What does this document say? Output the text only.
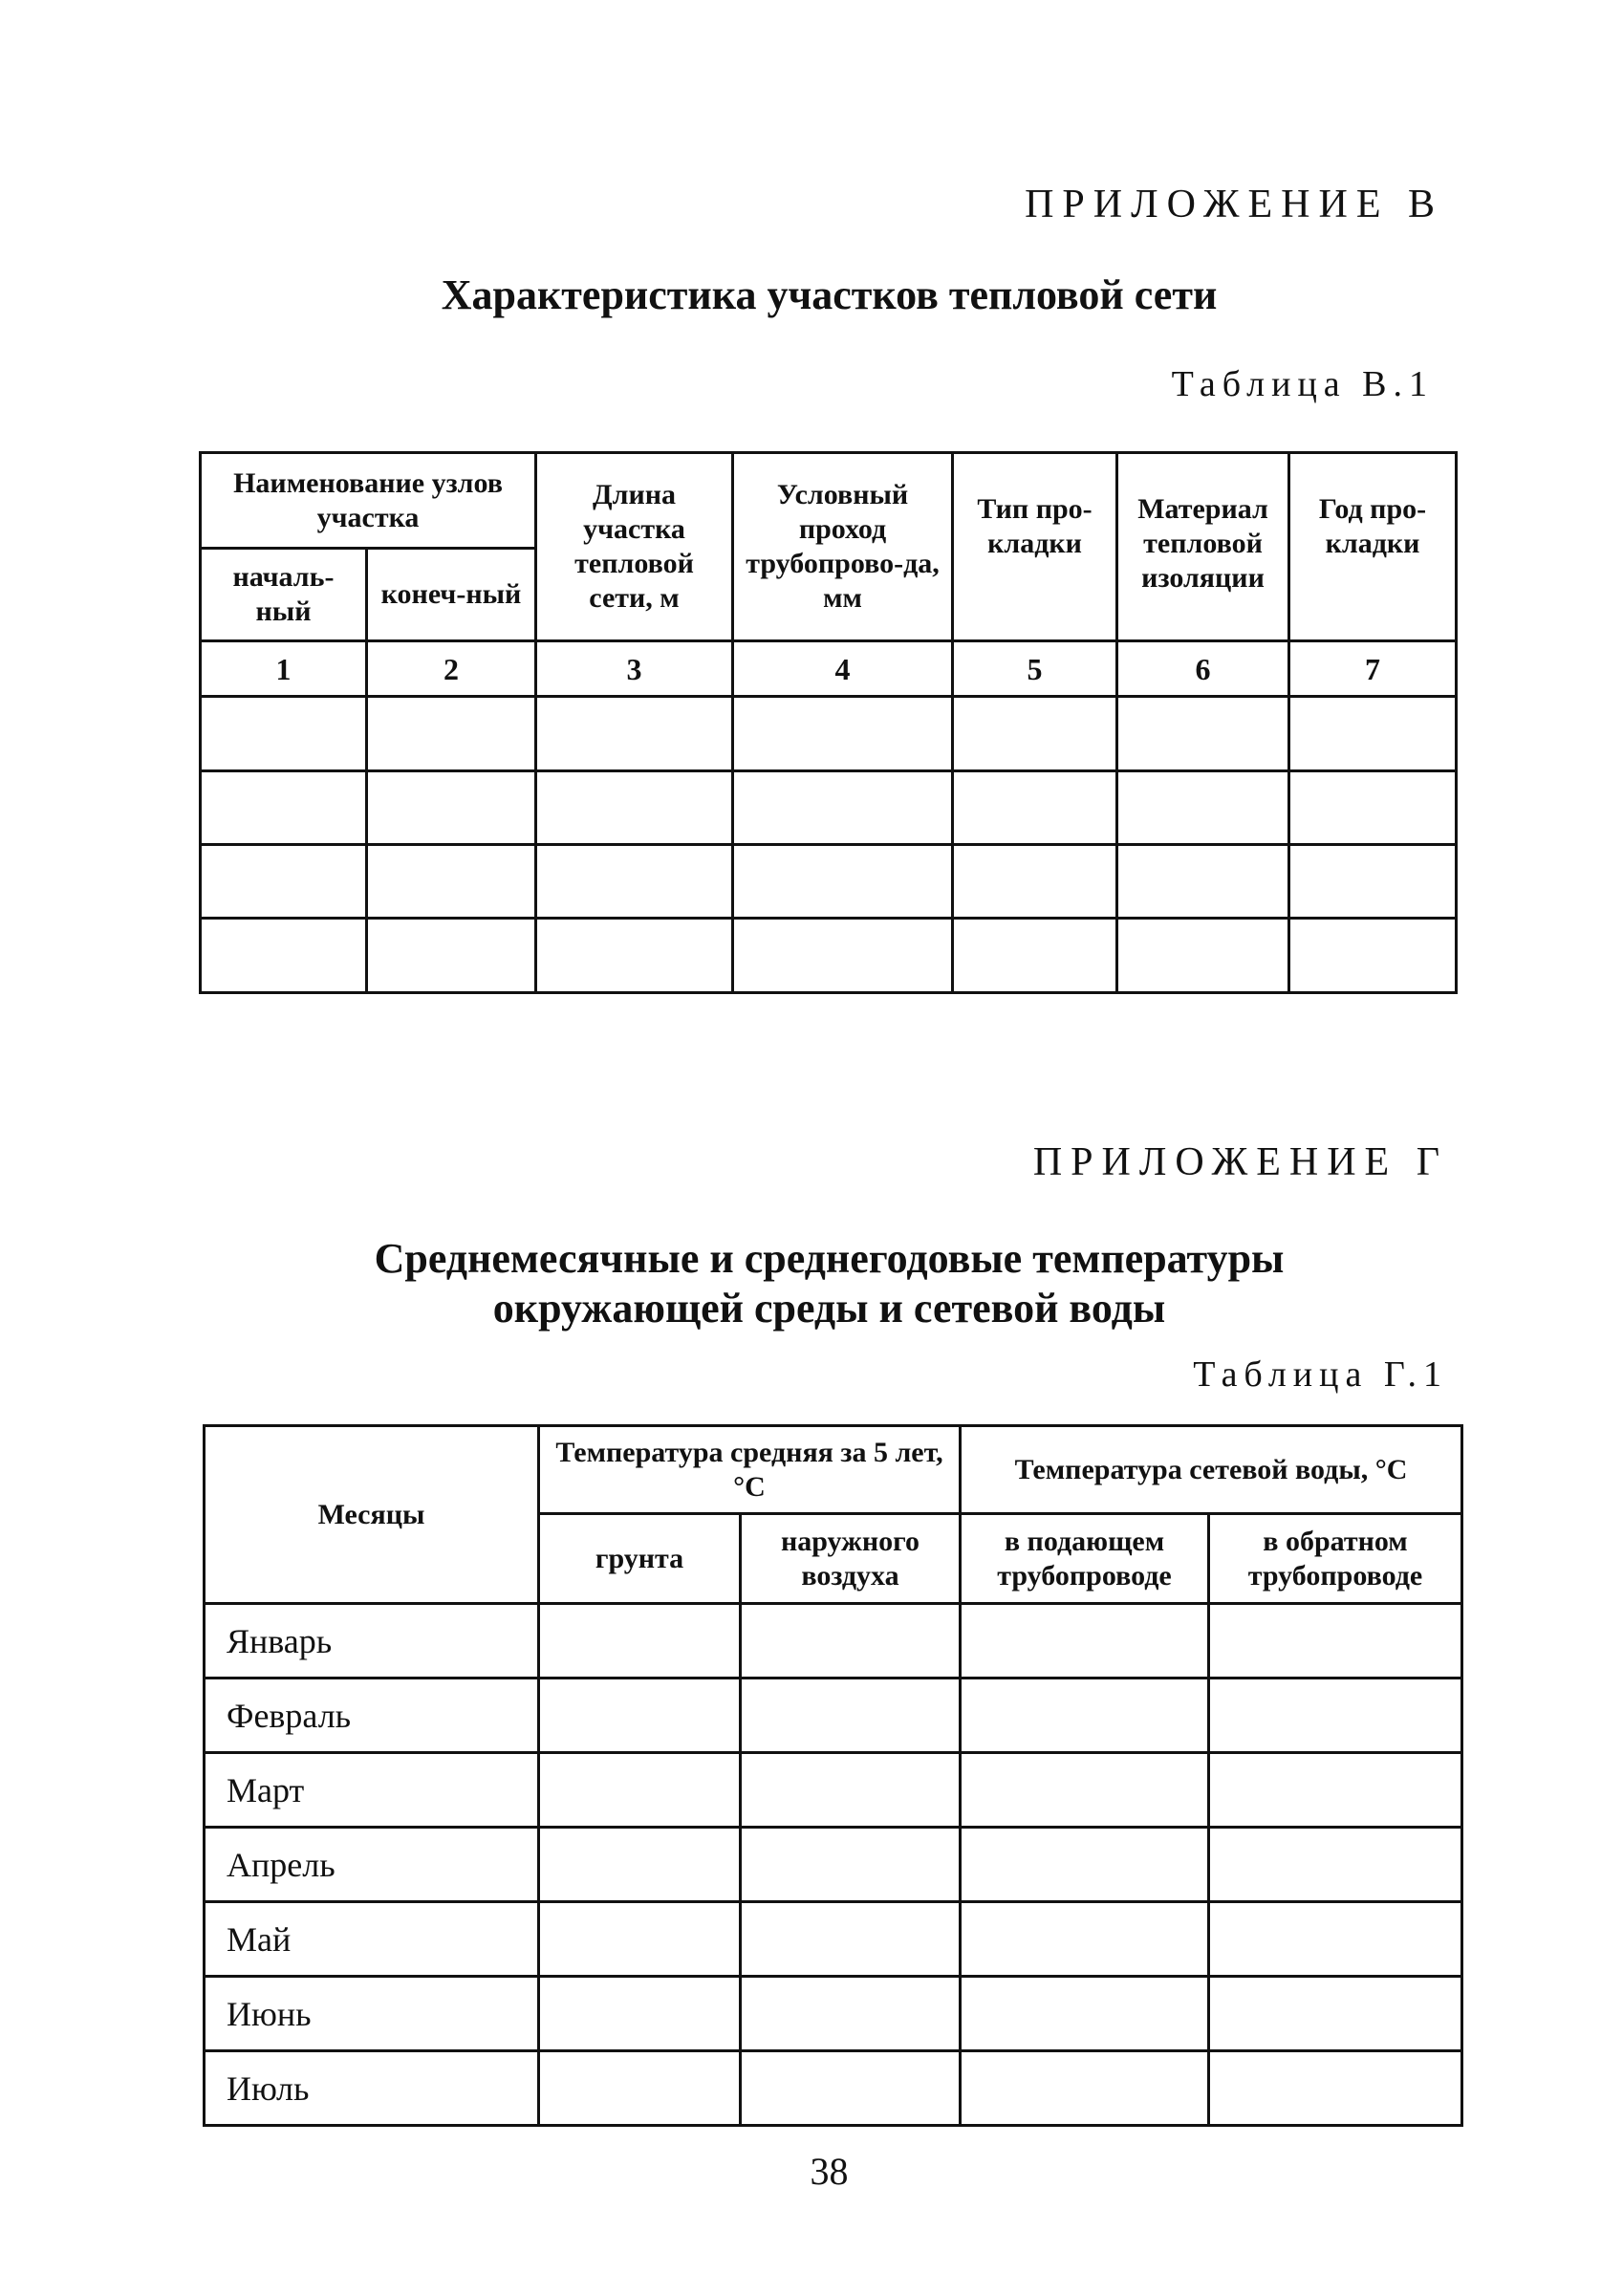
ПРИЛОЖЕНИЕ В
Характеристика участков тепловой сети
Таблица В.1
Наименование узлов участка		Длина участка тепловой сети, м	Условный проход трубопрово-да, мм	Тип про-кладки	Материал тепловой изоляции	Год про-кладки
началь-ный	конеч-ный					
1	2	3	4	5	6	7

ПРИЛОЖЕНИЕ Г
Среднемесячные и среднегодовые температуры
окружающей среды и сетевой воды
Таблица Г.1
Месяцы	Температура средняя за 5 лет, °С		Температура сетевой воды, °С	
	грунта	наружного воздуха	в подающем трубопроводе	в обратном трубопроводе
Январь				
Февраль				
Март				
Апрель				
Май				
Июнь				
Июль				
38
